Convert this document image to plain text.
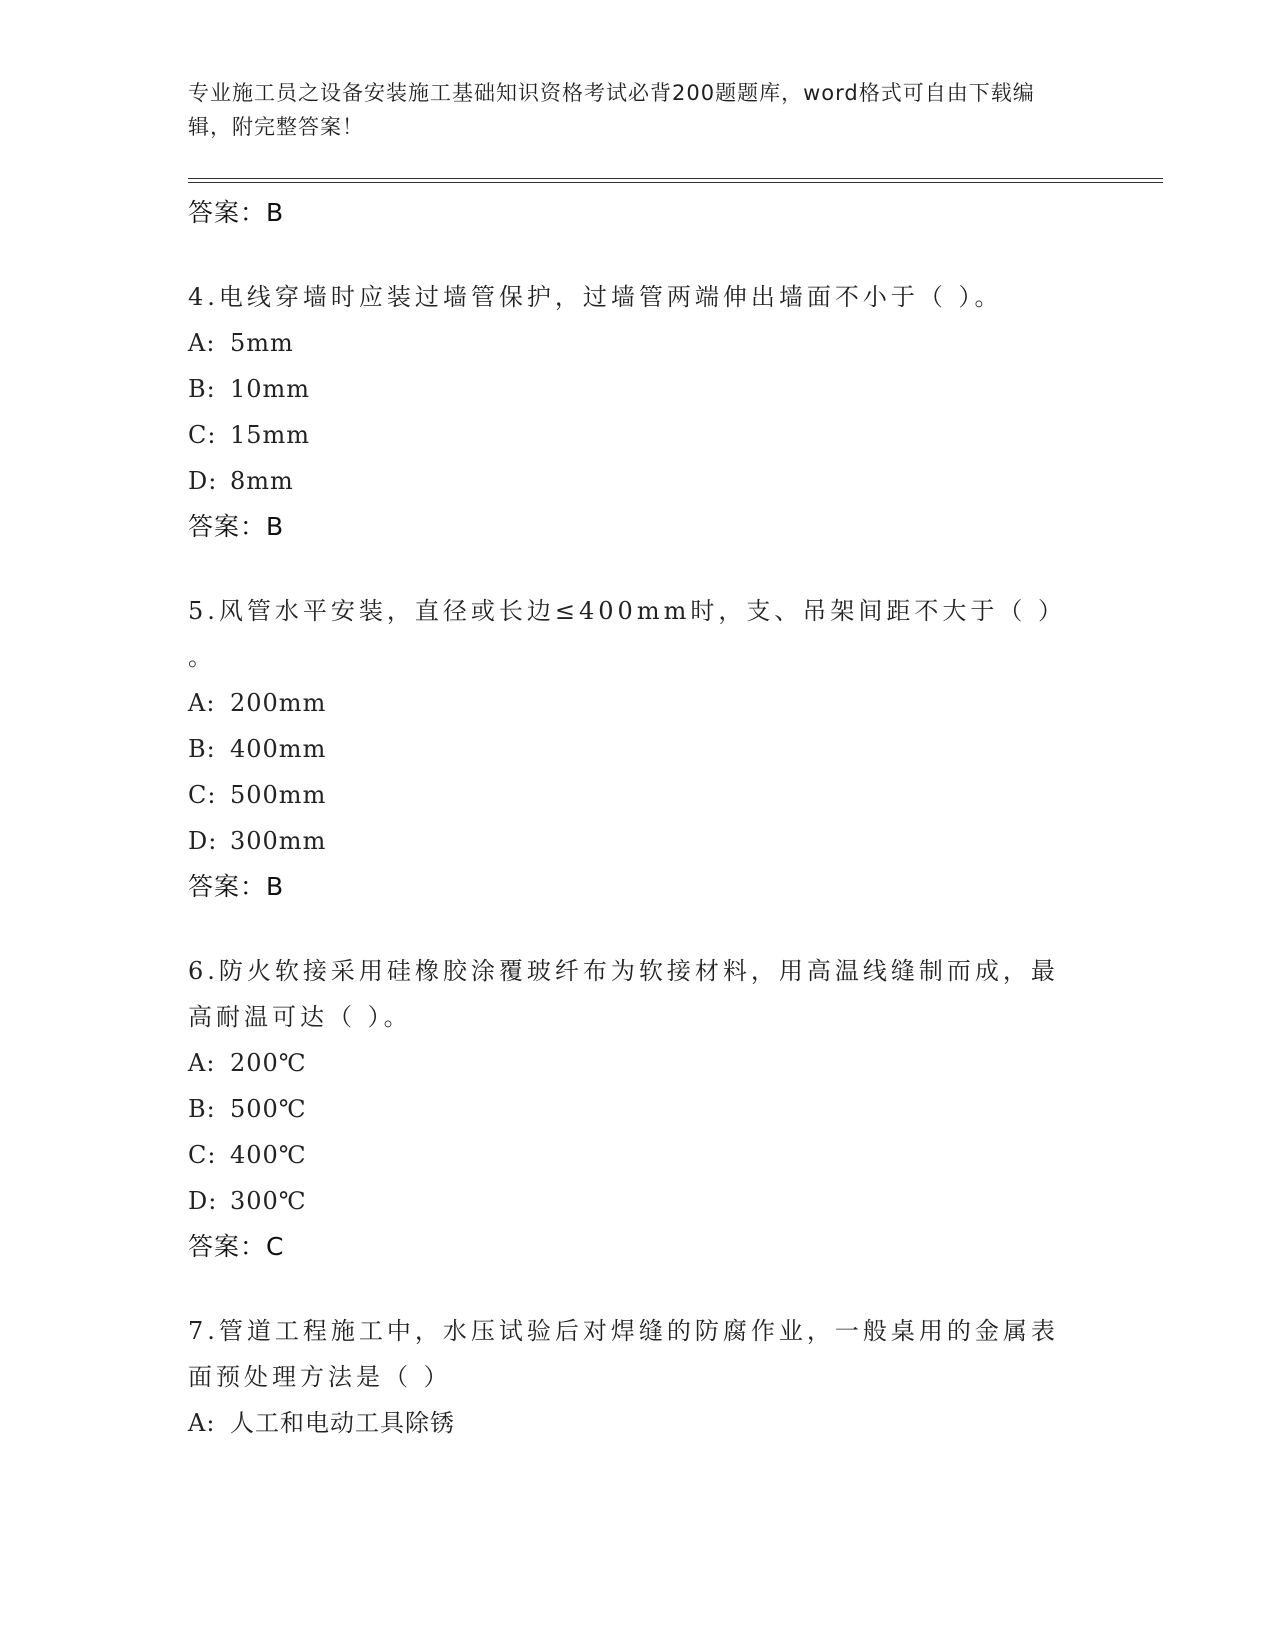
专业施工员之设备安装施工基础知识资格考试必背200题题库，word格式可自由下载编辑，附完整答案！
答案：B
4.电线穿墙时应装过墙管保护，过墙管两端伸出墙面不小于（ ）。
A: 5mm
B: 10mm
C: 15mm
D: 8mm
答案：B
5.风管水平安装，直径或长边≤400mm时，支、吊架间距不大于（ ）
。
A: 200mm
B: 400mm
C: 500mm
D: 300mm
答案：B
6.防火软接采用硅橡胶涂覆玻纤布为软接材料，用高温线缝制而成，最高耐温可达（ ）。
A: 200℃
B: 500℃
C: 400℃
D: 300℃
答案：C
7.管道工程施工中，水压试验后对焊缝的防腐作业，一般桌用的金属表面预处理方法是（ ）
A: 人工和电动工具除锈
